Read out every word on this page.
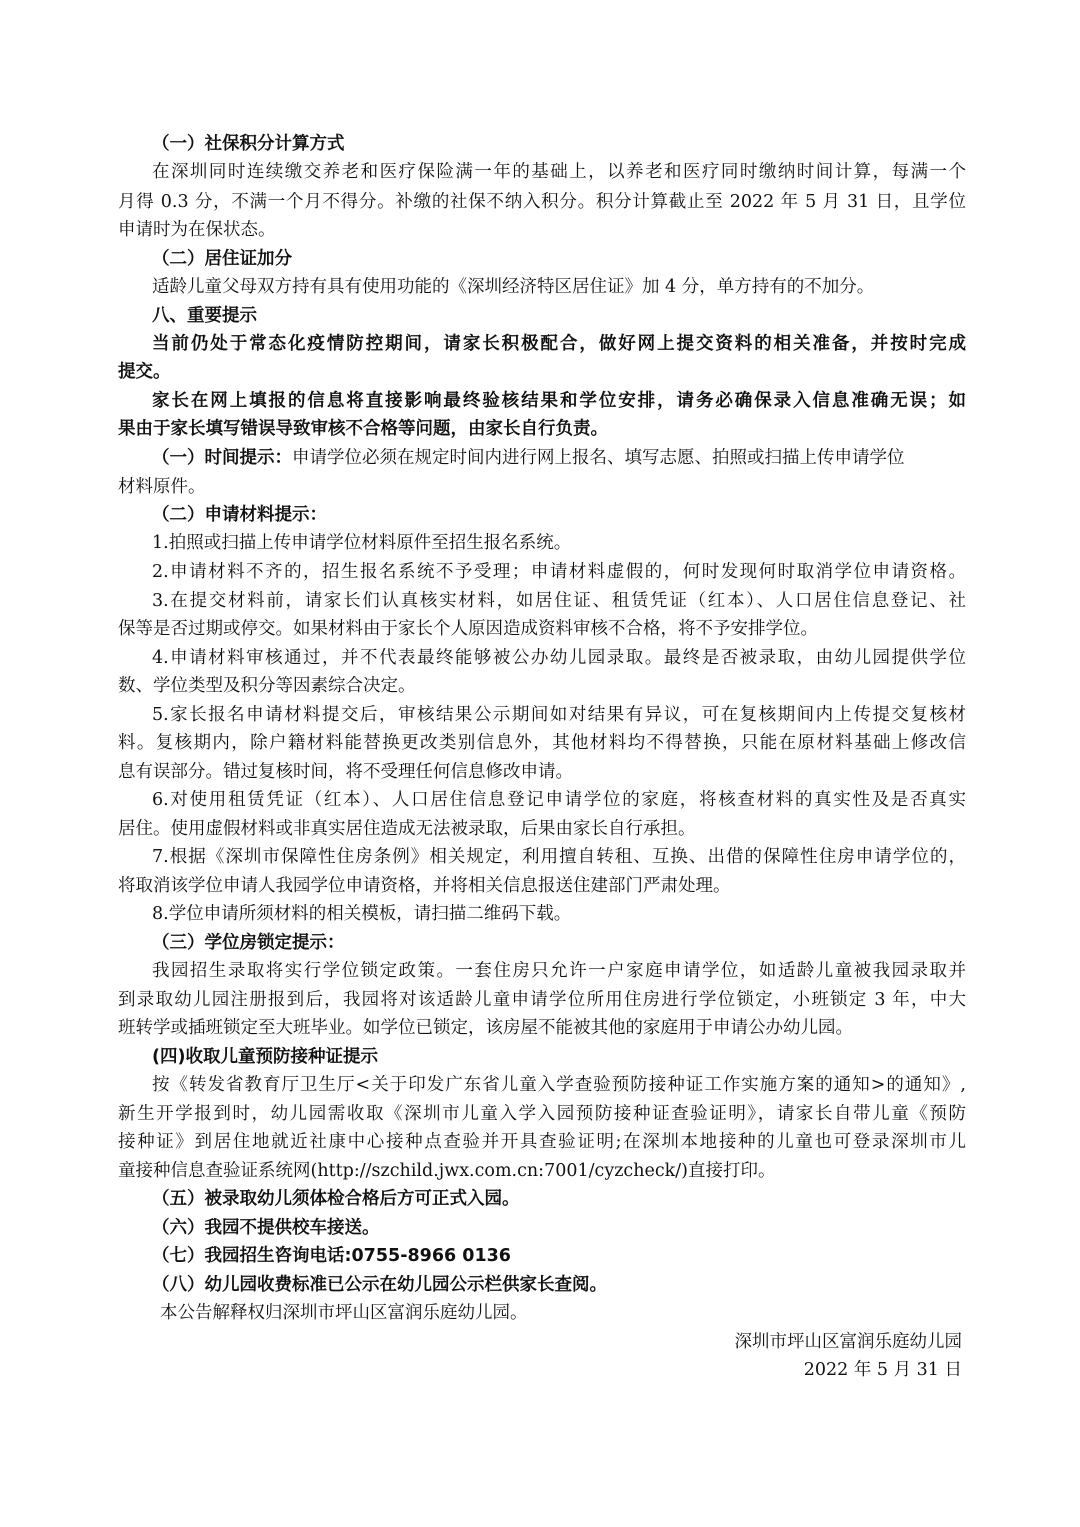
（一）社保积分计算方式
在深圳同时连续缴交养老和医疗保险满一年的基础上，以养老和医疗同时缴纳时间计算，每满一个
月得 0.3 分，不满一个月不得分。补缴的社保不纳入积分。积分计算截止至 2022 年 5 月 31 日，且学位
申请时为在保状态。
（二）居住证加分
适龄儿童父母双方持有具有使用功能的《深圳经济特区居住证》加 4 分，单方持有的不加分。
八、重要提示
当前仍处于常态化疫情防控期间，请家长积极配合，做好网上提交资料的相关准备，并按时完成
提交。
家长在网上填报的信息将直接影响最终验核结果和学位安排，请务必确保录入信息准确无误；如
果由于家长填写错误导致审核不合格等问题，由家长自行负责。
（一）时间提示：申请学位必须在规定时间内进行网上报名、填写志愿、拍照或扫描上传申请学位
材料原件。
（二）申请材料提示：
1.拍照或扫描上传申请学位材料原件至招生报名系统。
2.申请材料不齐的，招生报名系统不予受理；申请材料虚假的，何时发现何时取消学位申请资格。
3.在提交材料前，请家长们认真核实材料，如居住证、租赁凭证（红本）、人口居住信息登记、社
保等是否过期或停交。如果材料由于家长个人原因造成资料审核不合格，将不予安排学位。
4.申请材料审核通过，并不代表最终能够被公办幼儿园录取。最终是否被录取，由幼儿园提供学位
数、学位类型及积分等因素综合决定。
5.家长报名申请材料提交后，审核结果公示期间如对结果有异议，可在复核期间内上传提交复核材
料。复核期内，除户籍材料能替换更改类别信息外，其他材料均不得替换，只能在原材料基础上修改信
息有误部分。错过复核时间，将不受理任何信息修改申请。
6.对使用租赁凭证（红本）、人口居住信息登记申请学位的家庭，将核查材料的真实性及是否真实
居住。使用虚假材料或非真实居住造成无法被录取，后果由家长自行承担。
7.根据《深圳市保障性住房条例》相关规定，利用擅自转租、互换、出借的保障性住房申请学位的，
将取消该学位申请人我园学位申请资格，并将相关信息报送住建部门严肃处理。
8.学位申请所须材料的相关模板，请扫描二维码下载。
（三）学位房锁定提示：
我园招生录取将实行学位锁定政策。一套住房只允许一户家庭申请学位，如适龄儿童被我园录取并
到录取幼儿园注册报到后，我园将对该适龄儿童申请学位所用住房进行学位锁定，小班锁定 3 年，中大
班转学或插班锁定至大班毕业。如学位已锁定，该房屋不能被其他的家庭用于申请公办幼儿园。
(四)收取儿童预防接种证提示
按《转发省教育厅卫生厅<关于印发广东省儿童入学查验预防接种证工作实施方案的通知>的通知》,
新生开学报到时，幼儿园需收取《深圳市儿童入学入园预防接种证查验证明》，请家长自带儿童《预防
接种证》到居住地就近社康中心接种点查验并开具查验证明;在深圳本地接种的儿童也可登录深圳市儿
童接种信息查验证系统网(http://szchild.jwx.com.cn:7001/cyzcheck/)直接打印。
（五）被录取幼儿须体检合格后方可正式入园。
（六）我园不提供校车接送。
（七）我园招生咨询电话:0755-8966 0136
（八）幼儿园收费标准已公示在幼儿园公示栏供家长查阅。
本公告解释权归深圳市坪山区富润乐庭幼儿园。
深圳市坪山区富润乐庭幼儿园
2022 年 5 月 31 日
